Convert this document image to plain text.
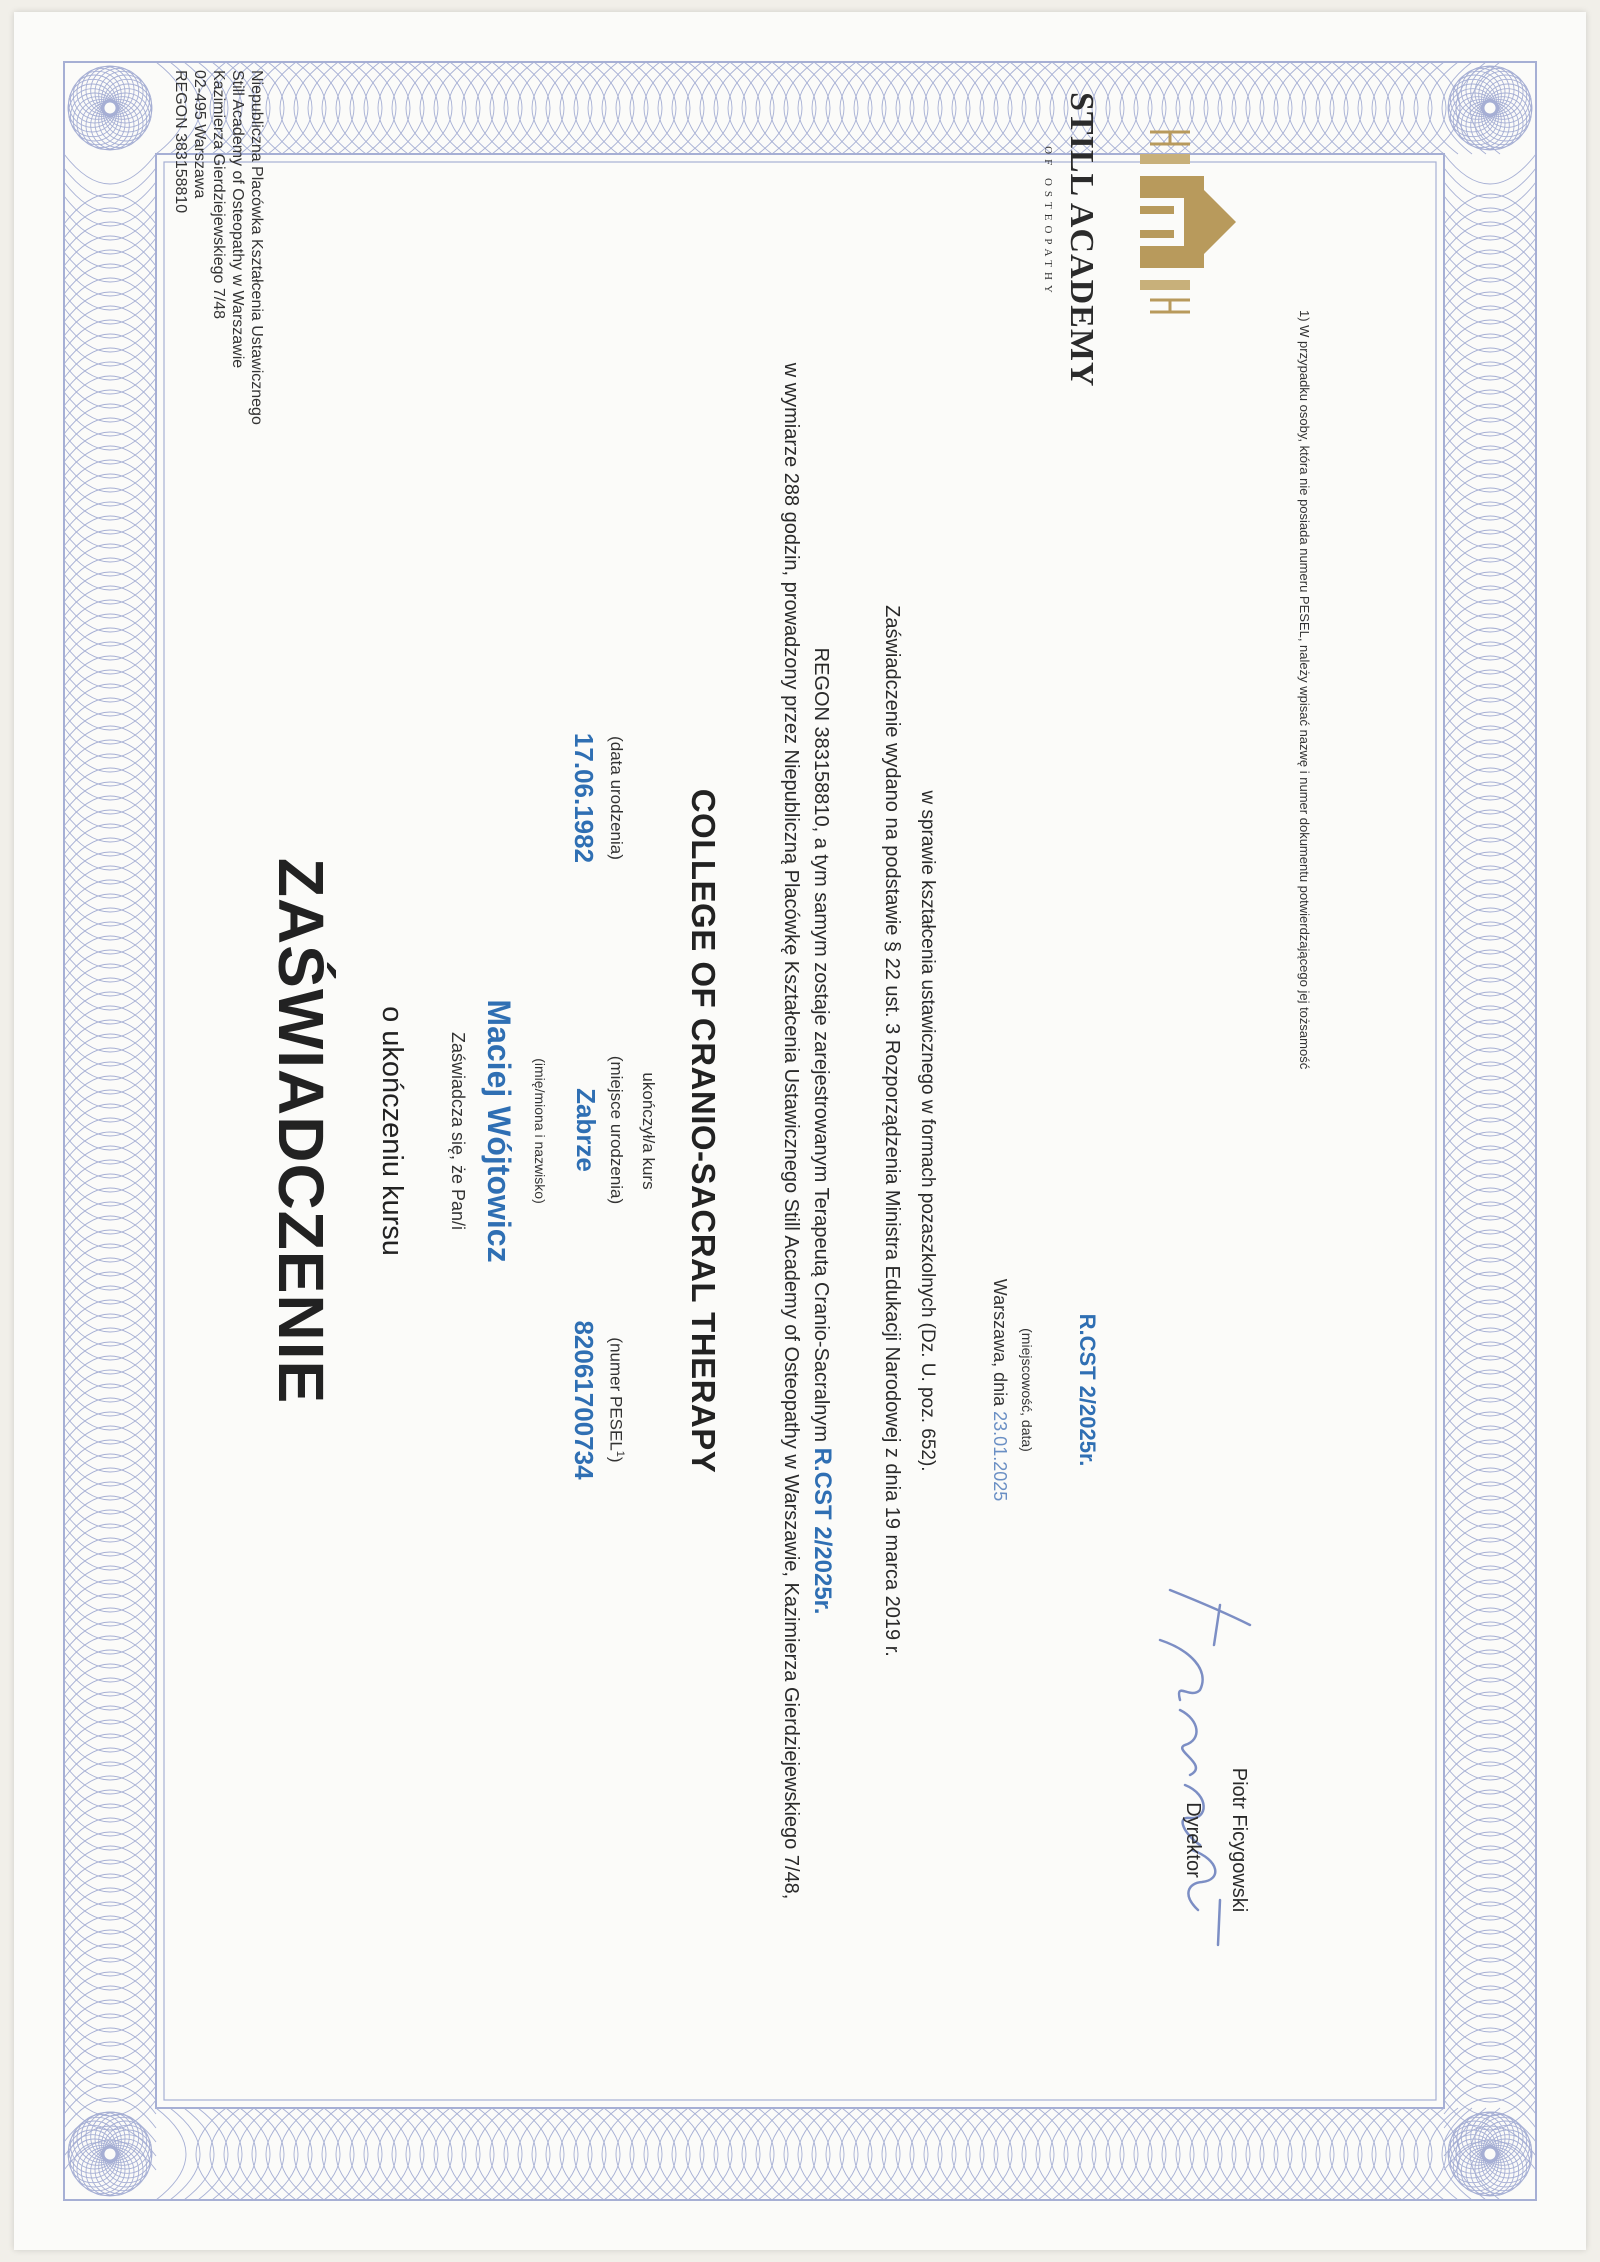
Niepubliczna Placówka Kształcenia Ustawicznego
Still Academy of Osteopathy w Warszawie
Kazimierza Gierdziejewskiego 7/48
02-495 Warszawa
REGON 383158810
ZAŚWIADCZENIE o ukończeniu kursu Zaświadcza się, że Pan/i Maciej Wójtowicz (imię/miona i nazwisko)
17.06.1982 (data urodzenia)
Zabrze (miejsce urodzenia)
82061700734 (numer PESEL$^1$)
ukończył/a kurs COLLEGE OF CRANIO-SACRAL THERAPY	w wymiarze 288 godzin, prowadzony przez Niepubliczną Placówkę Kształcenia Ustawicznego Still Academy of Osteopathy w Warszawie, Kazimierza Gierdziejewskiego 7/48, REGON 383158810, a tym samym zostaje zarejestrowanym Terapeutą Cranio-Sacralnym R.CST 2/2025r. Zaświadczenie wydano na podstawie § 22 ust. 3 Rozporządzenia Ministra Edukacji Narodowej z dnia 19 marca 2019 r. w sprawie kształcenia ustawicznego w formach pozaszkolnych (Dz. U. poz. 652).	Warszawa, dnia 23.01.2025
(miejscowość, data) R.CST 2/2025r.
STILL ACADEMY
OF OSTEOPATHY
1) W przypadku osoby, która nie posiada numeru PESEL, należy wpisać nazwę i numer dokumentu potwierdzającego jej tożsamość
Dyrektor Piotr Ficygowski
